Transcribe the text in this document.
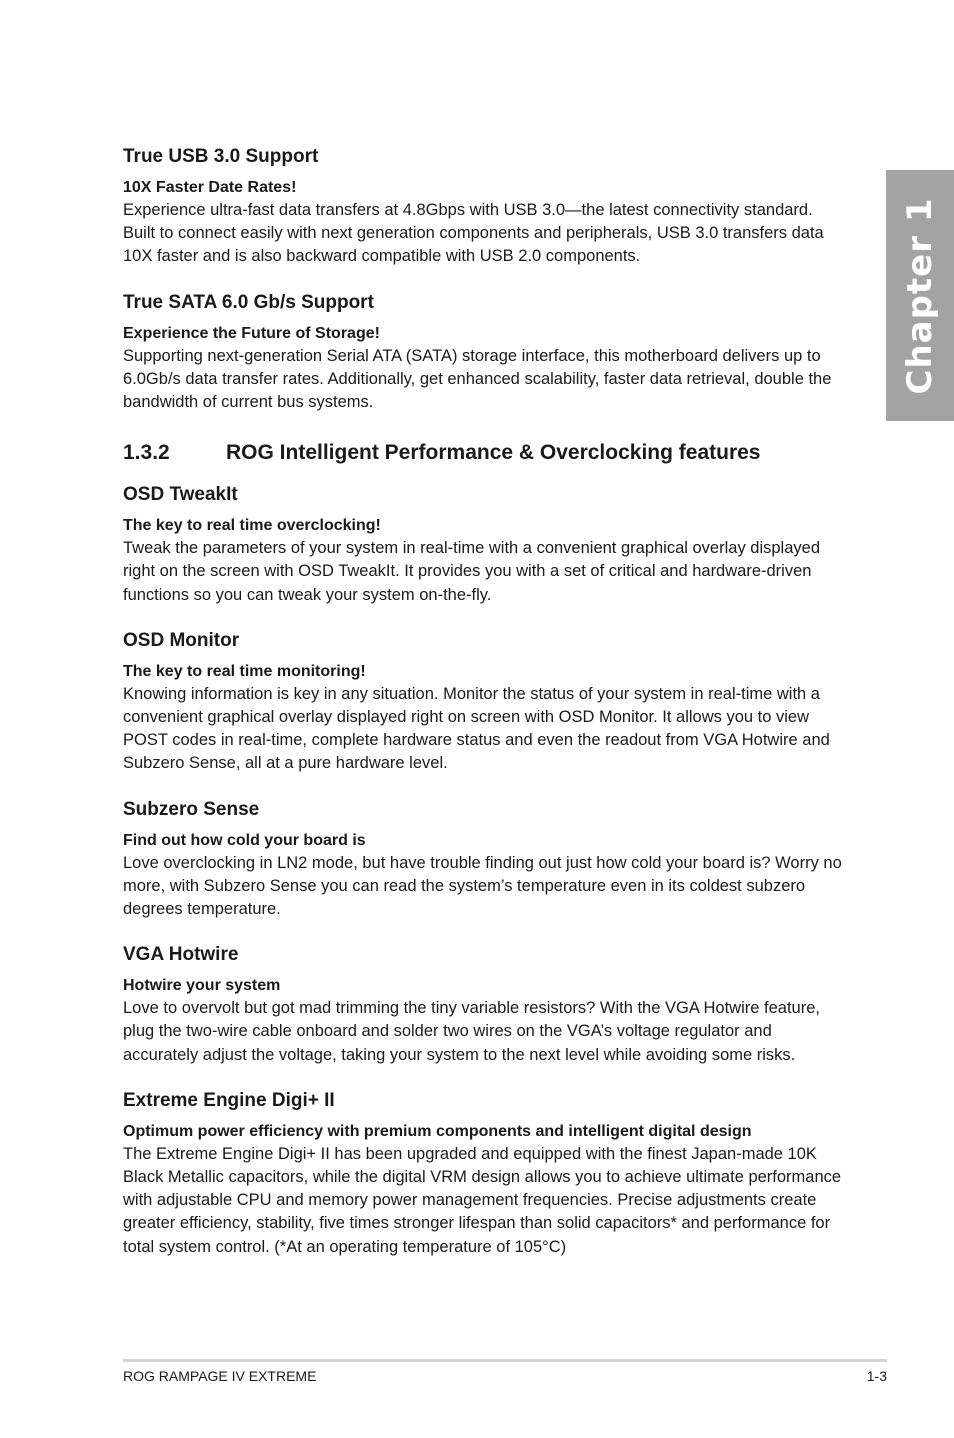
Chapter 1
True USB 3.0 Support

10X Faster Date Rates!

Experience ultra-fast data transfers at 4.8Gbps with USB 3.0—the latest connectivity standard. Built to connect easily with next generation components and peripherals, USB 3.0 transfers data 10X faster and is also backward compatible with USB 2.0 components.

True SATA 6.0 Gb/s Support

Experience the Future of Storage!

Supporting next-generation Serial ATA (SATA) storage interface, this motherboard delivers up to 6.0Gb/s data transfer rates. Additionally, get enhanced scalability, faster data retrieval, double the bandwidth of current bus systems.

1.3.2	ROG Intelligent Performance & Overclocking features
OSD TweakIt

The key to real time overclocking!

Tweak the parameters of your system in real-time with a convenient graphical overlay displayed right on the screen with OSD TweakIt. It provides you with a set of critical and hardware-driven functions so you can tweak your system on-the-fly.

OSD Monitor

The key to real time monitoring!

Knowing information is key in any situation. Monitor the status of your system in real-time with a convenient graphical overlay displayed right on screen with OSD Monitor. It allows you to view POST codes in real-time, complete hardware status and even the readout from VGA Hotwire and Subzero Sense, all at a pure hardware level.

Subzero Sense

Find out how cold your board is

Love overclocking in LN2 mode, but have trouble finding out just how cold your board is? Worry no more, with Subzero Sense you can read the system’s temperature even in its coldest subzero degrees temperature.

VGA Hotwire

Hotwire your system

Love to overvolt but got mad trimming the tiny variable resistors? With the VGA Hotwire feature, plug the two-wire cable onboard and solder two wires on the VGA’s voltage regulator and accurately adjust the voltage, taking your system to the next level while avoiding some risks.

Extreme Engine Digi+ II

Optimum power efficiency with premium components and intelligent digital design

The Extreme Engine Digi+ II has been upgraded and equipped with the finest Japan-made 10K Black Metallic capacitors, while the digital VRM design allows you to achieve ultimate performance with adjustable CPU and memory power management frequencies. Precise adjustments create greater efficiency, stability, five times stronger lifespan than solid capacitors* and performance for total system control. (*At an operating temperature of 105°C)

ROG RAMPAGE IV EXTREME	1-3
